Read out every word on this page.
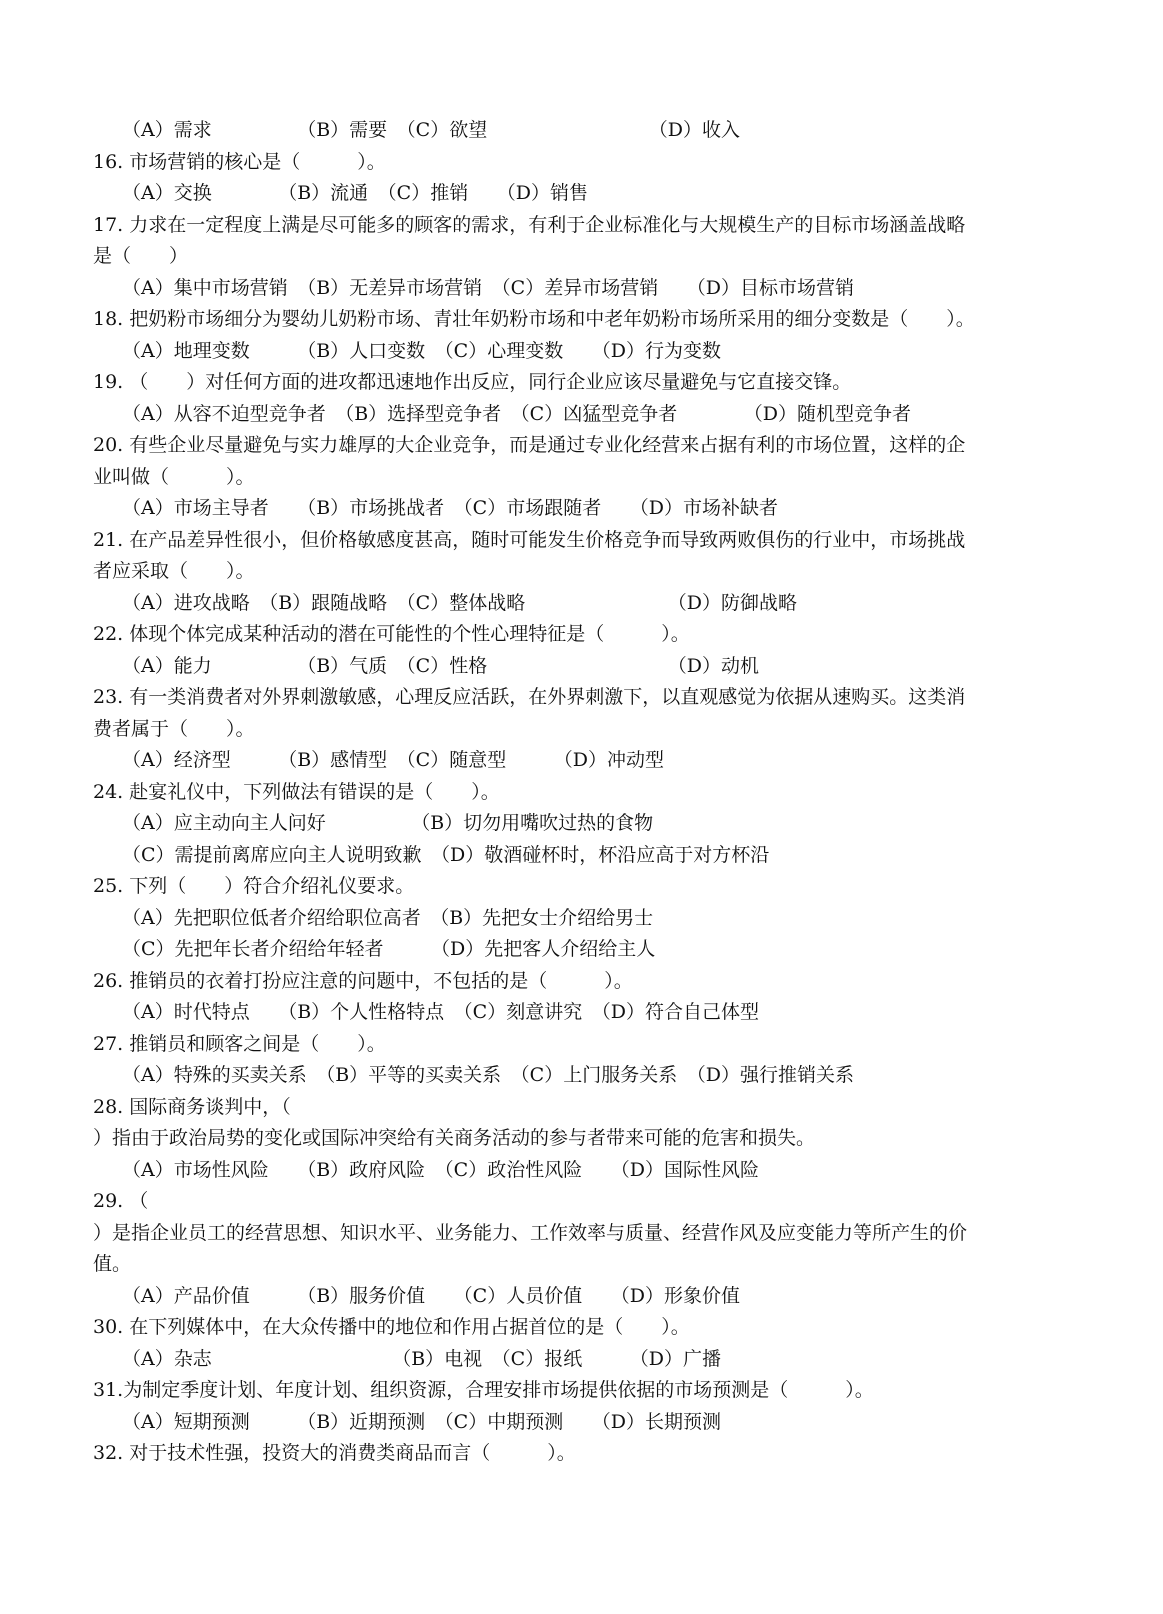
（A）需求　　　　　（B）需要　（C）欲望　　　　　　　　　（D）收入
16. 市场营销的核心是（　　　）。
（A）交换　　　　（B）流通　（C）推销　　（D）销售
17. 力求在一定程度上满是尽可能多的顾客的需求，有利于企业标准化与大规模生产的目标市场涵盖战略
是（　　）
（A）集中市场营销　（B）无差异市场营销　（C）差异市场营销　　（D）目标市场营销
18. 把奶粉市场细分为婴幼儿奶粉市场、青壮年奶粉市场和中老年奶粉市场所采用的细分变数是（　　）。
（A）地理变数　　　（B）人口变数　（C）心理变数　　（D）行为变数
19. （　　）对任何方面的进攻都迅速地作出反应，同行企业应该尽量避免与它直接交锋。
（A）从容不迫型竞争者　（B）选择型竞争者　（C）凶猛型竞争者　　　　（D）随机型竞争者
20. 有些企业尽量避免与实力雄厚的大企业竞争，而是通过专业化经营来占据有利的市场位置，这样的企
业叫做（　　　）。
（A）市场主导者　　（B）市场挑战者　（C）市场跟随者　　（D）市场补缺者
21. 在产品差异性很小，但价格敏感度甚高，随时可能发生价格竞争而导致两败俱伤的行业中，市场挑战
者应采取（　　）。
（A）进攻战略　（B）跟随战略　（C）整体战略　　　　　　　　（D）防御战略
22. 体现个体完成某种活动的潜在可能性的个性心理特征是（　　　）。
（A）能力　　　　　（B）气质　（C）性格　　　　　　　　　　（D）动机
23. 有一类消费者对外界刺激敏感，心理反应活跃，在外界刺激下，以直观感觉为依据从速购买。这类消
费者属于（　　）。
（A）经济型　　　（B）感情型　（C）随意型　　　（D）冲动型
24. 赴宴礼仪中，下列做法有错误的是（　　）。
（A）应主动向主人问好　　　　　（B）切勿用嘴吹过热的食物
（C）需提前离席应向主人说明致歉　（D）敬酒碰杯时，杯沿应高于对方杯沿
25. 下列（　　）符合介绍礼仪要求。
（A）先把职位低者介绍给职位高者　（B）先把女士介绍给男士
（C）先把年长者介绍给年轻者　　　（D）先把客人介绍给主人
26. 推销员的衣着打扮应注意的问题中，不包括的是（　　　）。
（A）时代特点　　（B）个人性格特点　（C）刻意讲究　（D）符合自己体型
27. 推销员和顾客之间是（　　）。
（A）特殊的买卖关系　（B）平等的买卖关系　（C）上门服务关系　（D）强行推销关系
28. 国际商务谈判中，（
）指由于政治局势的变化或国际冲突给有关商务活动的参与者带来可能的危害和损失。
（A）市场性风险　　（B）政府风险　（C）政治性风险　　（D）国际性风险
29. （
）是指企业员工的经营思想、知识水平、业务能力、工作效率与质量、经营作风及应变能力等所产生的价
值。
（A）产品价值　　　（B）服务价值　　（C）人员价值　　（D）形象价值
30. 在下列媒体中，在大众传播中的地位和作用占据首位的是（　　）。
（A）杂志　　　　　　　　　　（B）电视　（C）报纸　　　（D）广播
31.为制定季度计划、年度计划、组织资源，合理安排市场提供依据的市场预测是（　　　）。
（A）短期预测　　　（B）近期预测　（C）中期预测　　（D）长期预测
32. 对于技术性强，投资大的消费类商品而言（　　　）。
